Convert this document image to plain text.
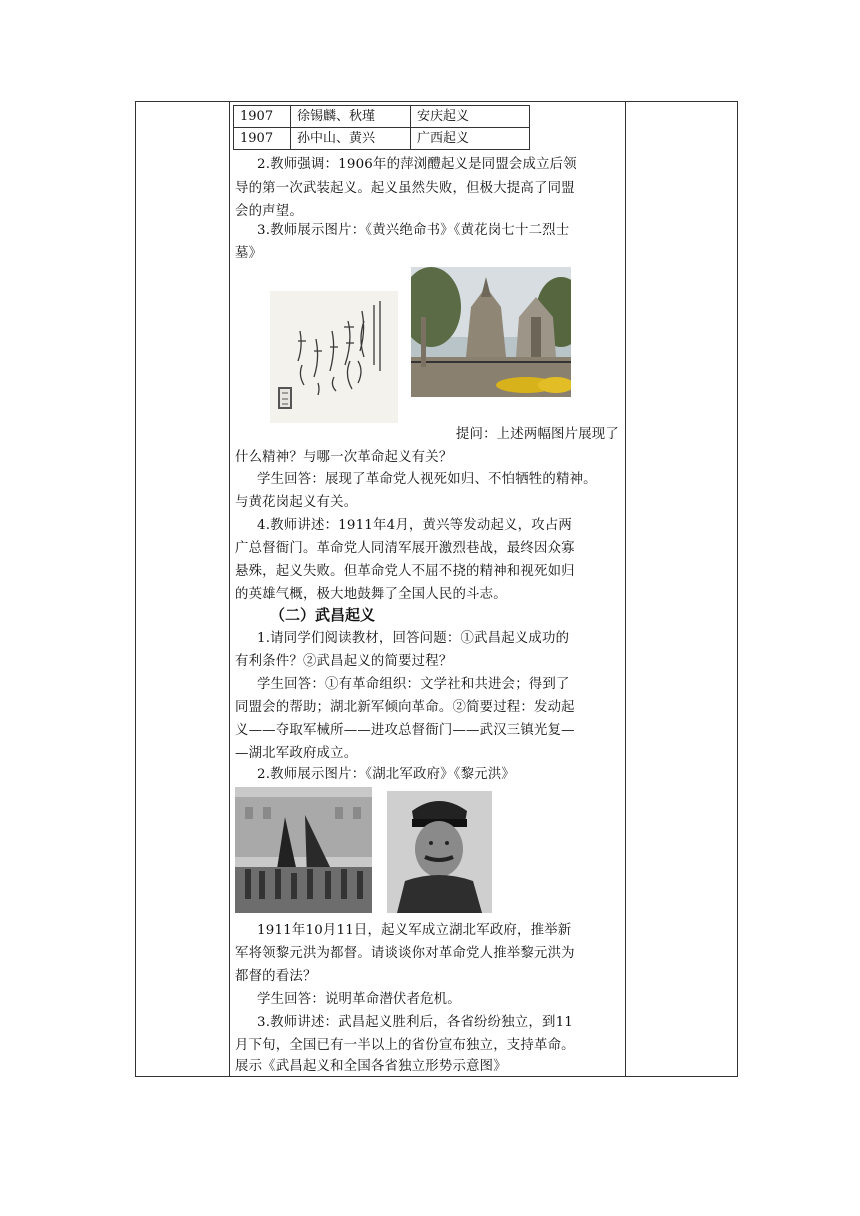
1907	徐锡麟、秋瑾	安庆起义
1907	孙中山、黄兴	广西起义
2.教师强调：1906年的萍浏醴起义是同盟会成立后领
导的第一次武装起义。起义虽然失败，但极大提高了同盟
会的声望。
3.教师展示图片：《黄兴绝命书》《黄花岗七十二烈士
墓》
提问：上述两幅图片展现了
什么精神？与哪一次革命起义有关？
学生回答：展现了革命党人视死如归、不怕牺牲的精神。
与黄花岗起义有关。
4.教师讲述：1911年4月，黄兴等发动起义，攻占两
广总督衙门。革命党人同清军展开激烈巷战，最终因众寡
悬殊，起义失败。但革命党人不屈不挠的精神和视死如归
的英雄气概，极大地鼓舞了全国人民的斗志。
（二）武昌起义
1.请同学们阅读教材，回答问题：①武昌起义成功的
有利条件？②武昌起义的简要过程？
学生回答：①有革命组织：文学社和共进会；得到了
同盟会的帮助；湖北新军倾向革命。②简要过程：发动起
义——夺取军械所——进攻总督衙门——武汉三镇光复—
—湖北军政府成立。
2.教师展示图片：《湖北军政府》《黎元洪》
1911年10月11日，起义军成立湖北军政府，推举新
军将领黎元洪为都督。请谈谈你对革命党人推举黎元洪为
都督的看法？
学生回答：说明革命潜伏者危机。
3.教师讲述：武昌起义胜利后，各省纷纷独立，到11
月下旬，全国已有一半以上的省份宣布独立，支持革命。
展示《武昌起义和全国各省独立形势示意图》
